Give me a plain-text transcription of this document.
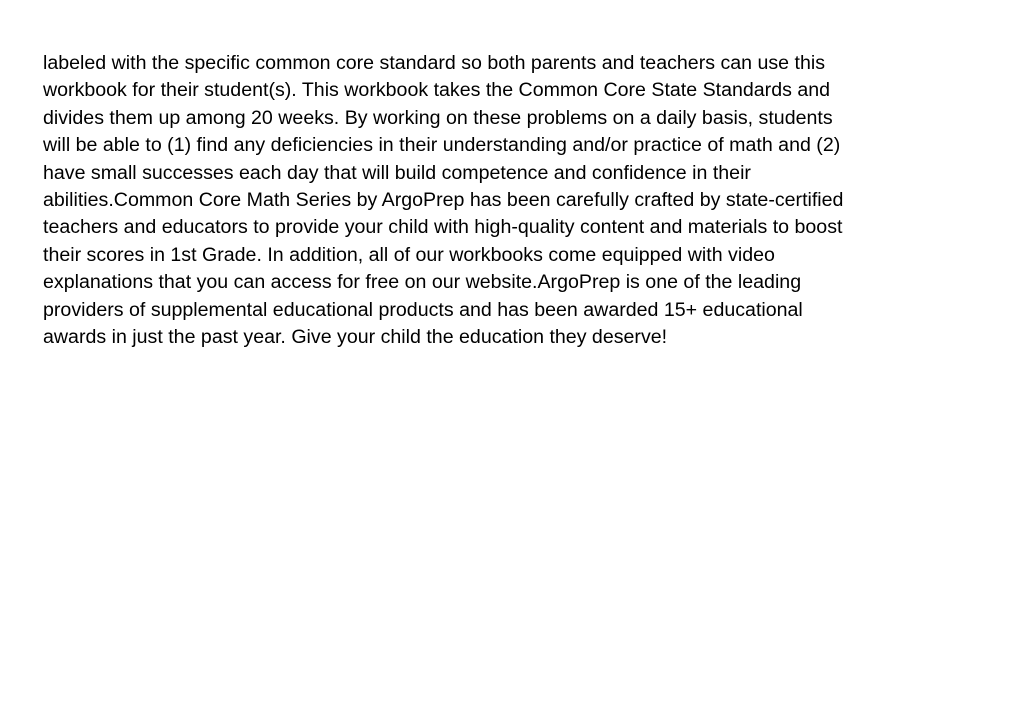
labeled with the specific common core standard so both parents and teachers can use this
workbook for their student(s). This workbook takes the Common Core State Standards and
divides them up among 20 weeks. By working on these problems on a daily basis, students
will be able to (1) find any deficiencies in their understanding and/or practice of math and (2)
have small successes each day that will build competence and confidence in their
abilities.Common Core Math Series by ArgoPrep has been carefully crafted by state-certified
teachers and educators to provide your child with high-quality content and materials to boost
their scores in 1st Grade. In addition, all of our workbooks come equipped with video
explanations that you can access for free on our website.ArgoPrep is one of the leading
providers of supplemental educational products and has been awarded 15+ educational
awards in just the past year. Give your child the education they deserve!
